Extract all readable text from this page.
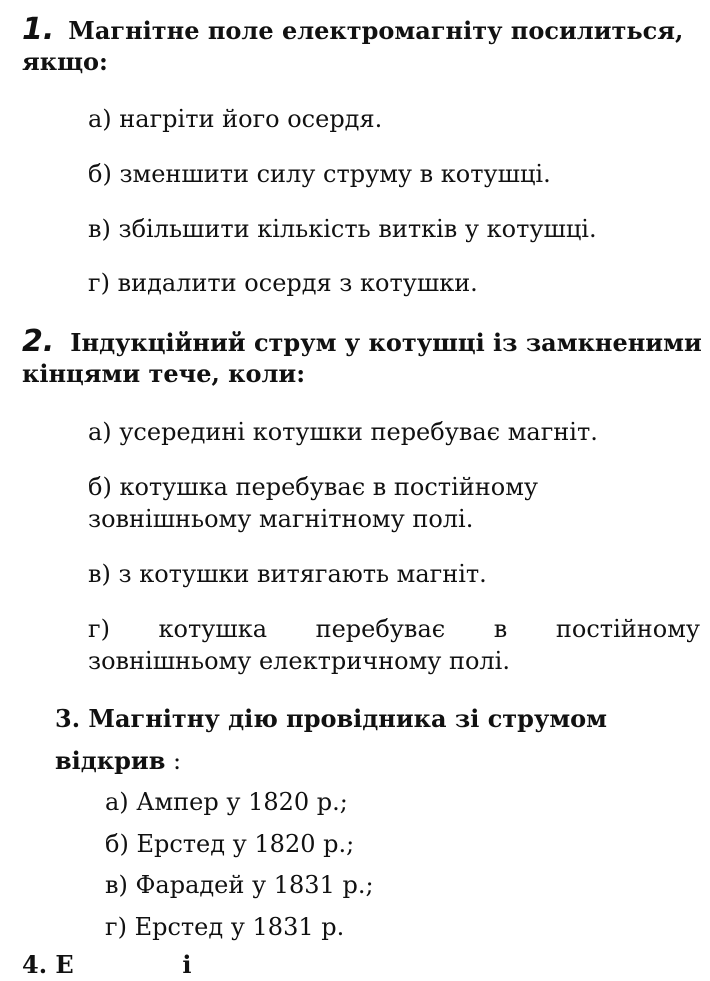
1. Магнітне поле електромагніту посилиться,
якщо:
а) нагріти його осердя.
б) зменшити силу струму в котушці.
в) збільшити кількість витків у котушці.
г) видалити осердя з котушки.
2. Індукційний струм у котушці із замкненими
кінцями тече, коли:
а) усередині котушки перебуває магніт.
б) котушка перебуває в постійному
зовнішньому магнітному полі.
в) з котушки витягають магніт.
г) котушка перебуває в постійному
зовнішньому електричному полі.
3. Магнітну дію провідника зі струмом
відкрив :
а) Ампер у 1820 р.;
б) Ерстед у 1820 р.;
в) Фарадей у 1831 р.;
г) Ерстед у 1831 р.
4. Е             і
